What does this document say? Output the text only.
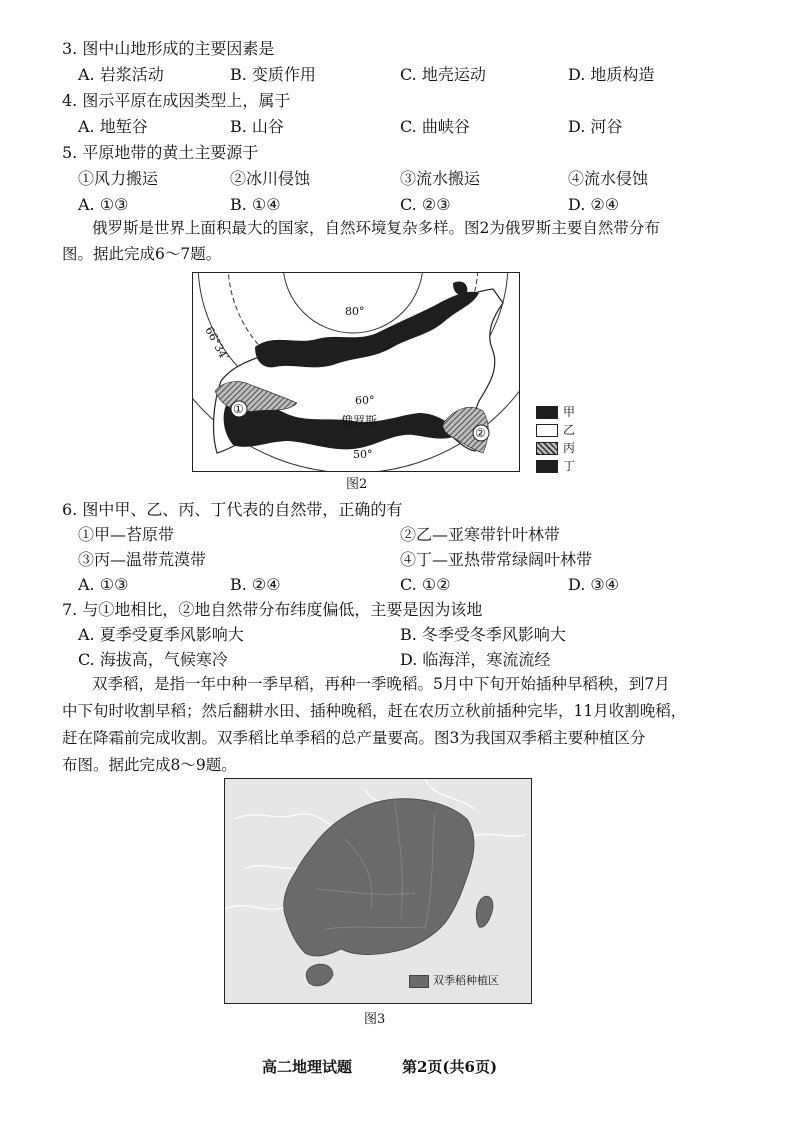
3. 图中山地形成的主要因素是
A. 岩浆活动	B. 变质作用	C. 地壳运动	D. 地质构造
4. 图示平原在成因类型上，属于
A. 地堑谷	B. 山谷	C. 曲峡谷	D. 河谷
5. 平原地带的黄土主要源于
①风力搬运	②冰川侵蚀	③流水搬运	④流水侵蚀
A. ①③	B. ①④	C. ②③	D. ②④
俄罗斯是世界上面积最大的国家，自然环境复杂多样。图2为俄罗斯主要自然带分布
图。据此完成6～7题。
80°
66°34′
60°
50°
俄罗斯
①
②
甲
乙
丙
丁
图2
6. 图中甲、乙、丙、丁代表的自然带，正确的有
①甲—苔原带	②乙—亚寒带针叶林带
③丙—温带荒漠带	④丁—亚热带常绿阔叶林带
A. ①③	B. ②④	C. ①②	D. ③④
7. 与①地相比，②地自然带分布纬度偏低，主要是因为该地
A. 夏季受夏季风影响大	B. 冬季受冬季风影响大
C. 海拔高，气候寒冷	D. 临海洋，寒流流经
双季稻，是指一年中种一季早稻，再种一季晚稻。5月中下旬开始插种早稻秧，到7月
中下旬时收割早稻；然后翻耕水田、插种晚稻，赶在农历立秋前插种完毕，11月收割晚稻，
赶在降霜前完成收割。双季稻比单季稻的总产量要高。图3为我国双季稻主要种植区分
布图。据此完成8～9题。
双季稻种植区
图3
高二地理试题	第2页(共6页)
